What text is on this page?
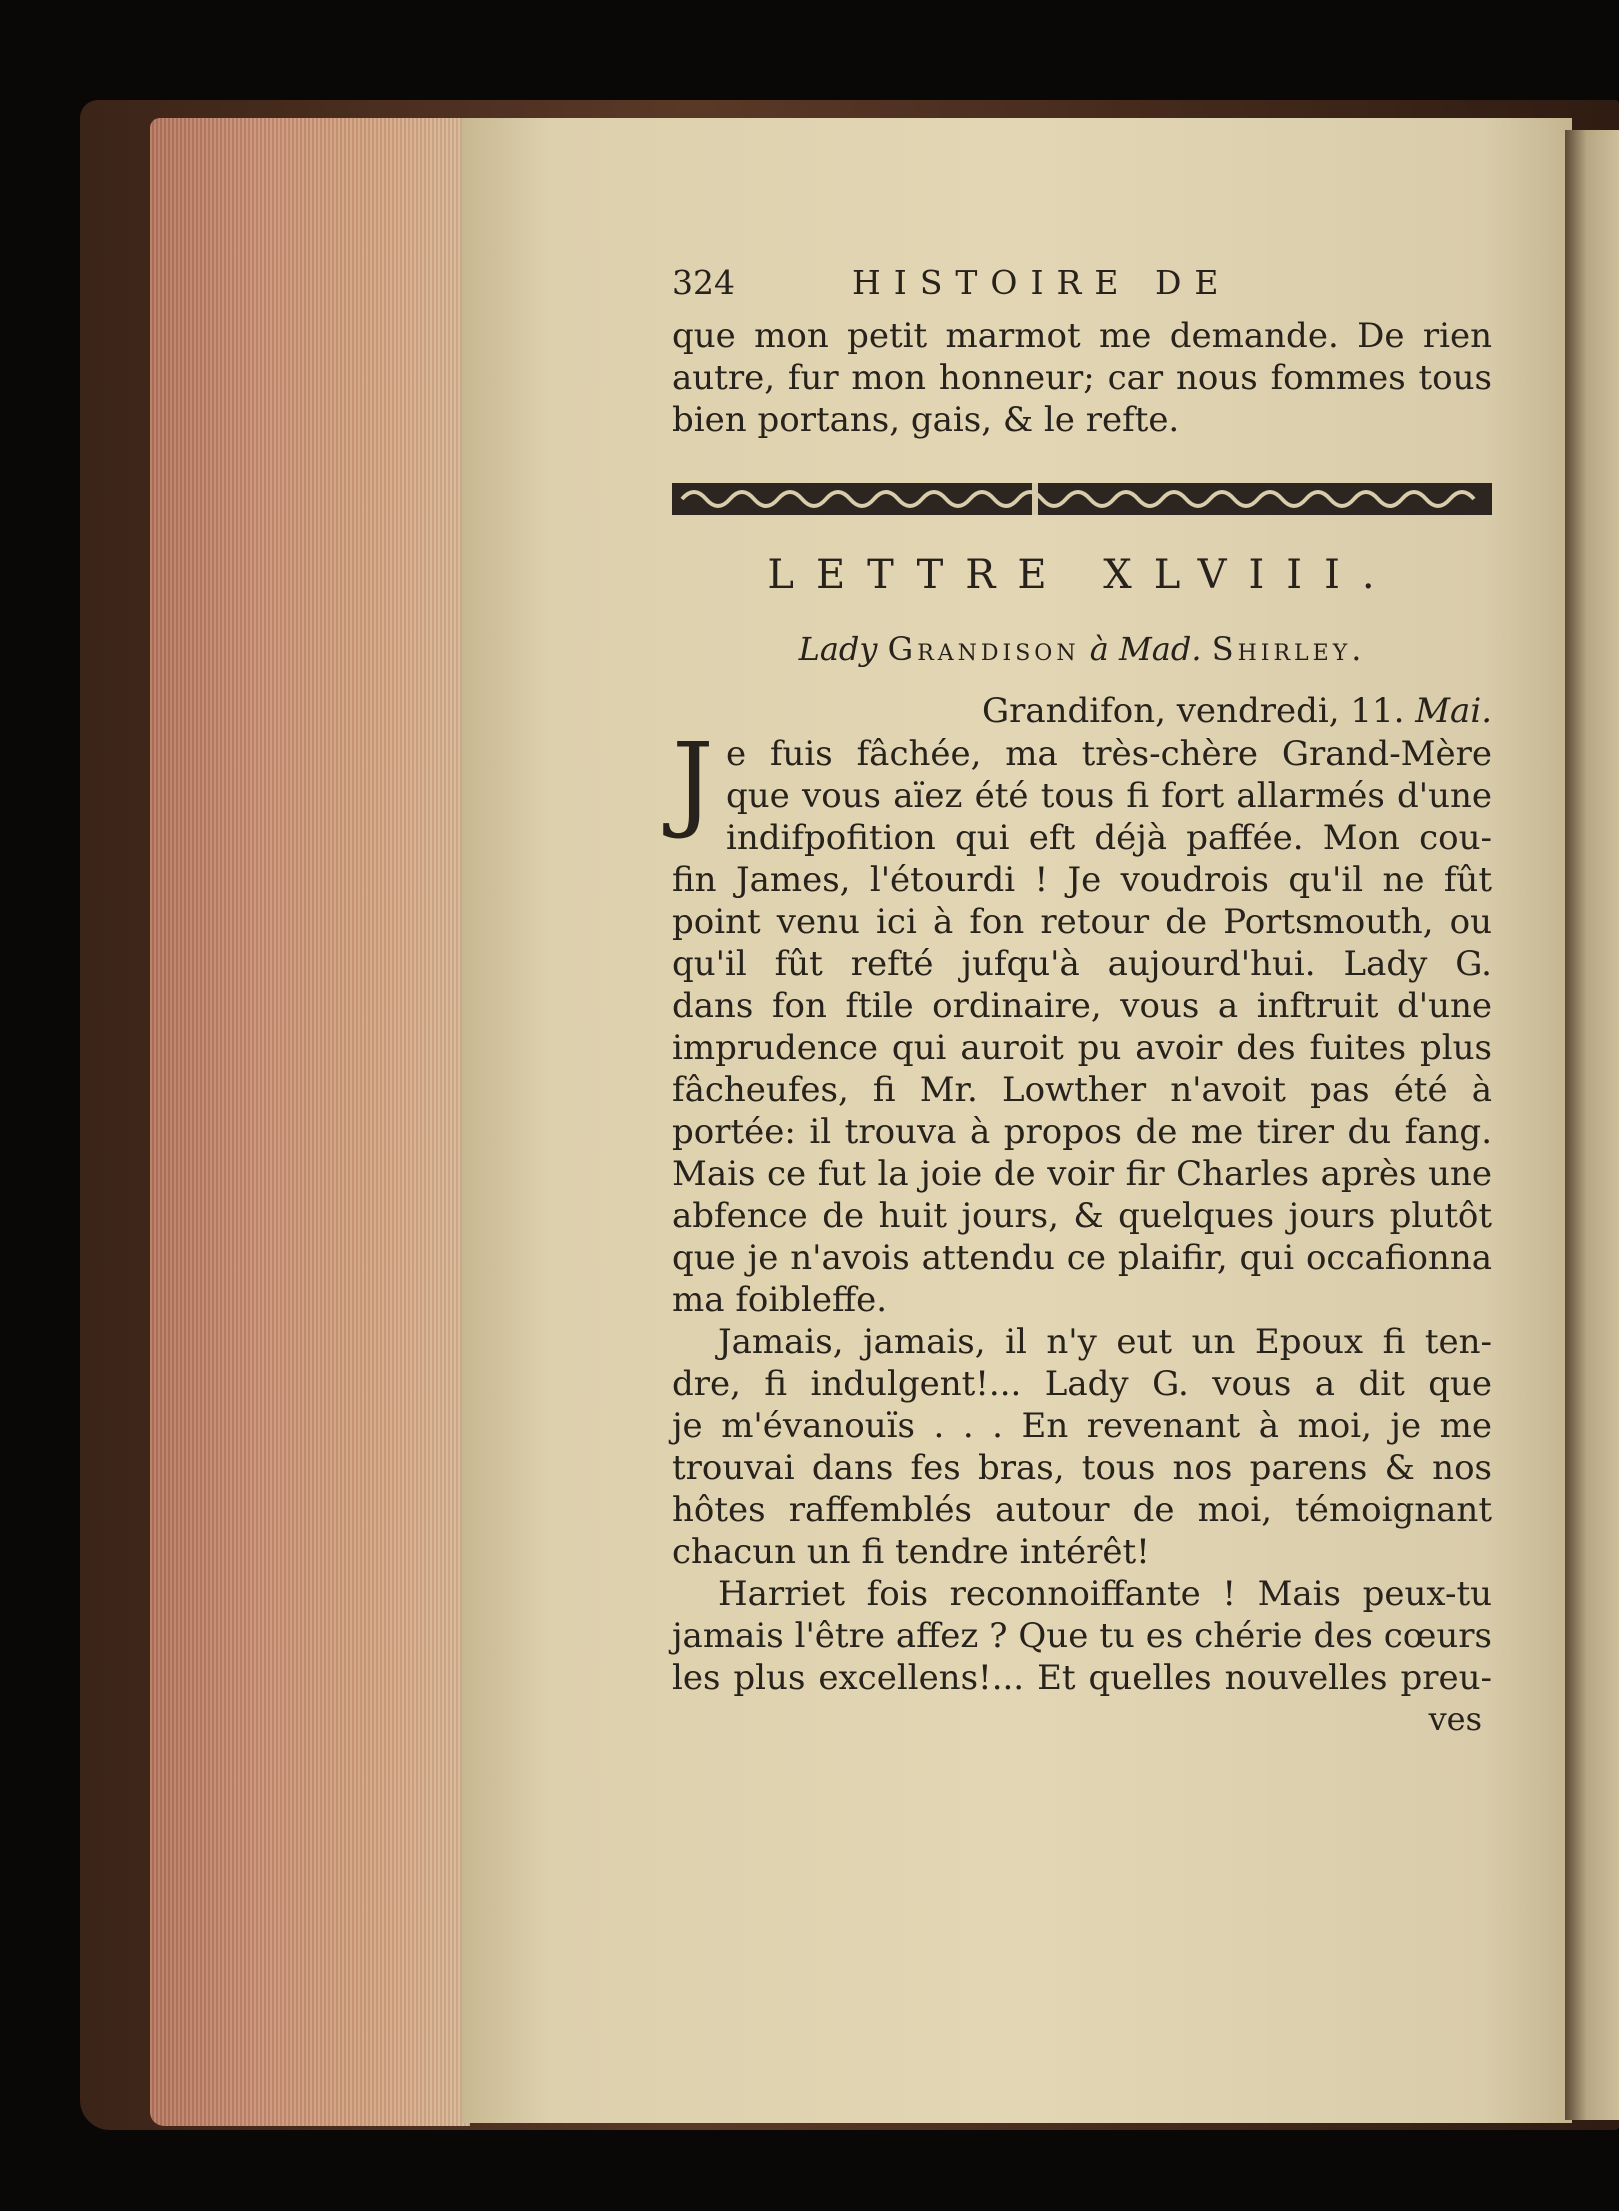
324	HISTOIRE DE
que mon petit marmot me demande. De rien
autre, fur mon honneur; car nous fommes tous
bien portans, gais, & le refte.
LETTRE XLVIII.
Lady Grandison à Mad. Shirley.
Grandifon, vendredi, 11. Mai.
J e fuis fâchée, ma très-chère Grand-Mère
que vous aïez été tous fi fort allarmés d'une
indifpofition qui eft déjà paffée. Mon cou-
fin James, l'étourdi ! Je voudrois qu'il ne fût
point venu ici à fon retour de Portsmouth, ou
qu'il fût refté jufqu'à aujourd'hui. Lady G.
dans fon ftile ordinaire, vous a inftruit d'une
imprudence qui auroit pu avoir des fuites plus
fâcheufes, fi Mr. Lowther n'avoit pas été à
portée: il trouva à propos de me tirer du fang.
Mais ce fut la joie de voir fir Charles après une
abfence de huit jours, & quelques jours plutôt
que je n'avois attendu ce plaifir, qui occafionna
ma foibleffe.
Jamais, jamais, il n'y eut un Epoux fi ten-
dre, fi indulgent!... Lady G. vous a dit que
je m'évanouïs . . . En revenant à moi, je me
trouvai dans fes bras, tous nos parens & nos
hôtes raffemblés autour de moi, témoignant
chacun un fi tendre intérêt!
Harriet fois reconnoiffante ! Mais peux-tu
jamais l'être affez ? Que tu es chérie des cœurs
les plus excellens!... Et quelles nouvelles preu-
ves
